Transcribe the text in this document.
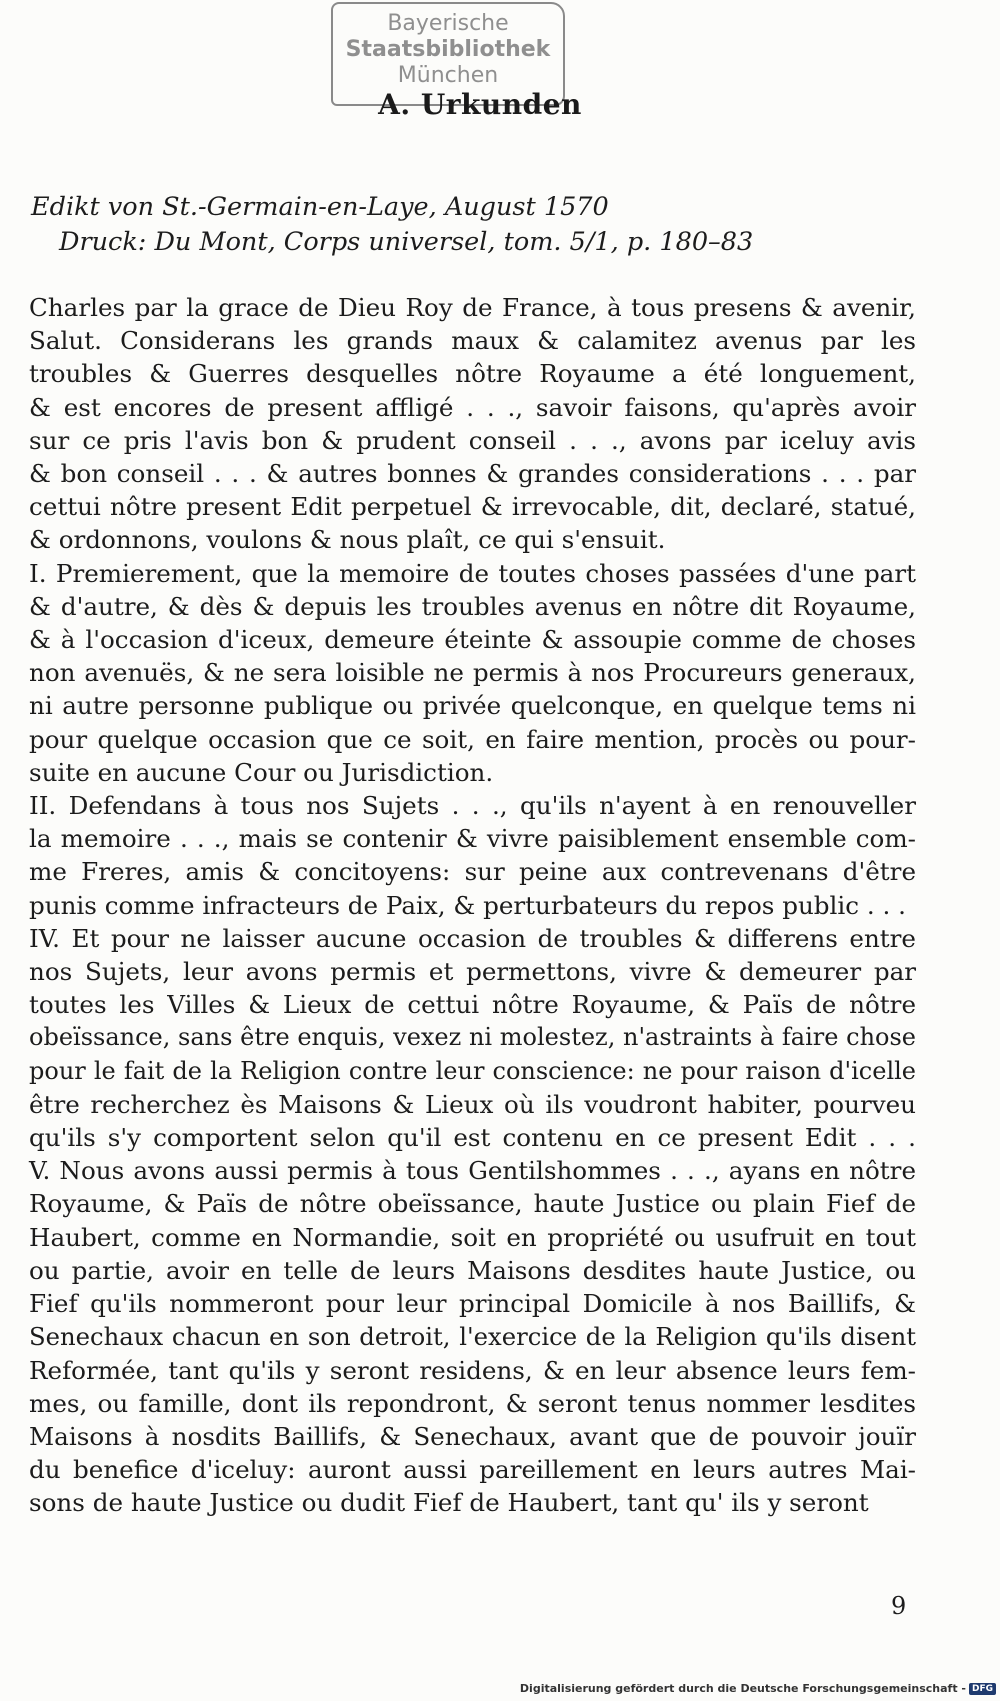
Bayerische
Staatsbibliothek
München
A. Urkunden
Edikt von St.-Germain-en-Laye, August 1570
Druck: Du Mont, Corps universel, tom. 5/1, p. 180–83
Charles par la grace de Dieu Roy de France, à tous presens & avenir,
Salut. Considerans les grands maux & calamitez avenus par les
troubles & Guerres desquelles nôtre Royaume a été longuement,
& est encores de present affligé . . ., savoir faisons, qu'après avoir
sur ce pris l'avis bon & prudent conseil . . ., avons par iceluy avis
& bon conseil . . . & autres bonnes & grandes considerations . . . par
cettui nôtre present Edit perpetuel & irrevocable, dit, declaré, statué,
& ordonnons, voulons & nous plaît, ce qui s'ensuit.
I. Premierement, que la memoire de toutes choses passées d'une part
& d'autre, & dès & depuis les troubles avenus en nôtre dit Royaume,
& à l'occasion d'iceux, demeure éteinte & assoupie comme de choses
non avenuës, & ne sera loisible ne permis à nos Procureurs generaux,
ni autre personne publique ou privée quelconque, en quelque tems ni
pour quelque occasion que ce soit, en faire mention, procès ou pour-
suite en aucune Cour ou Jurisdiction.
II. Defendans à tous nos Sujets . . ., qu'ils n'ayent à en renouveller
la memoire . . ., mais se contenir & vivre paisiblement ensemble com-
me Freres, amis & concitoyens: sur peine aux contrevenans d'être
punis comme infracteurs de Paix, & perturbateurs du repos public . . .
IV. Et pour ne laisser aucune occasion de troubles & differens entre
nos Sujets, leur avons permis et permettons, vivre & demeurer par
toutes les Villes & Lieux de cettui nôtre Royaume, & Païs de nôtre
obeïssance, sans être enquis, vexez ni molestez, n'astraints à faire chose
pour le fait de la Religion contre leur conscience: ne pour raison d'icelle
être recherchez ès Maisons & Lieux où ils voudront habiter, pourveu
qu'ils s'y comportent selon qu'il est contenu en ce present Edit . . .
V. Nous avons aussi permis à tous Gentilshommes . . ., ayans en nôtre
Royaume, & Païs de nôtre obeïssance, haute Justice ou plain Fief de
Haubert, comme en Normandie, soit en propriété ou usufruit en tout
ou partie, avoir en telle de leurs Maisons desdites haute Justice, ou
Fief qu'ils nommeront pour leur principal Domicile à nos Baillifs, &
Senechaux chacun en son detroit, l'exercice de la Religion qu'ils disent
Reformée, tant qu'ils y seront residens, & en leur absence leurs fem-
mes, ou famille, dont ils repondront, & seront tenus nommer lesdites
Maisons à nosdits Baillifs, & Senechaux, avant que de pouvoir jouïr
du benefice d'iceluy: auront aussi pareillement en leurs autres Mai-
sons de haute Justice ou dudit Fief de Haubert, tant qu' ils y seront
9
Digitalisierung gefördert durch die Deutsche Forschungsgemeinschaft - DFG
